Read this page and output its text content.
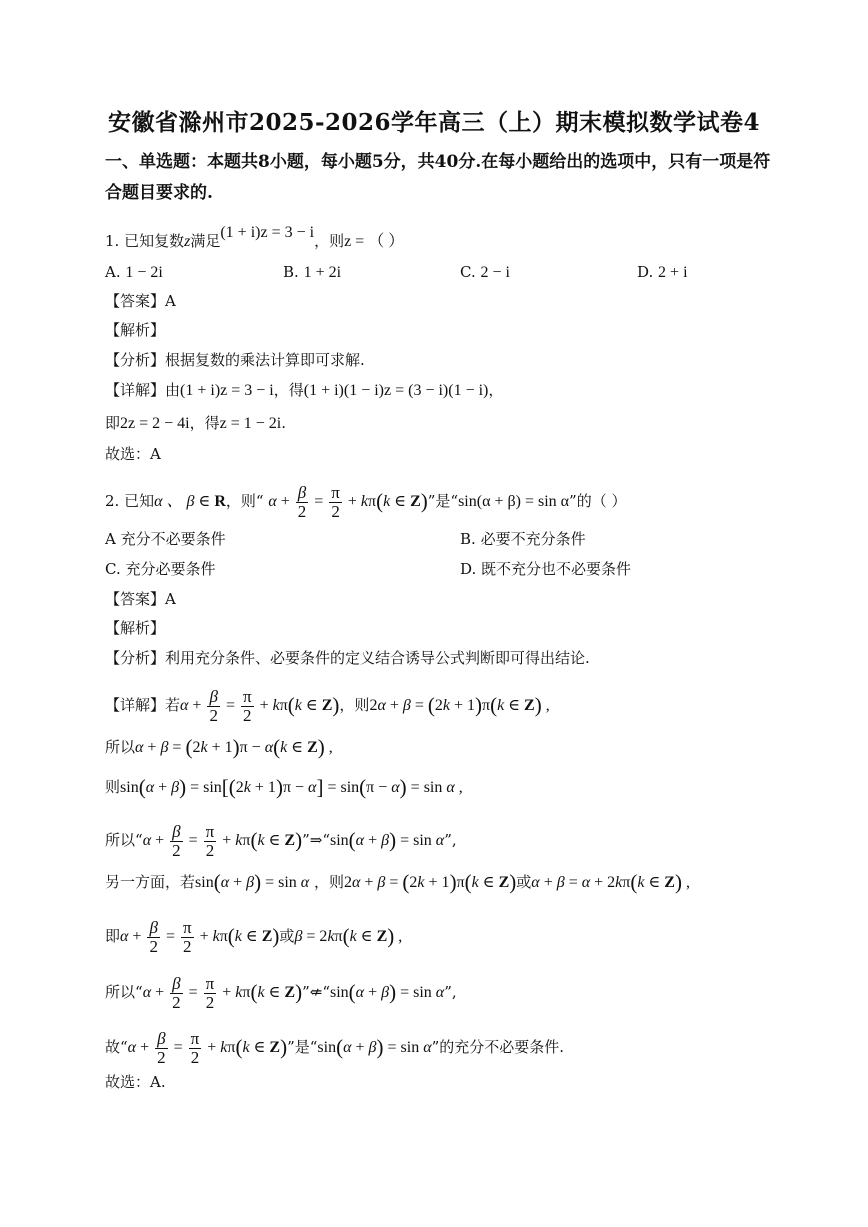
安徽省滁州市2025-2026学年高三（上）期末模拟数学试卷4
一、单选题：本题共8小题，每小题5分，共40分.在每小题给出的选项中，只有一项是符合题目要求的.
1. 已知复数z满足(1 + i)z = 3 − i，则z = （ ）
A. 1 − 2i	B. 1 + 2i	C. 2 − i	D. 2 + i
【答案】A
【解析】
【分析】根据复数的乘法计算即可求解.
【详解】由(1 + i)z = 3 − i，得(1 + i)(1 − i)z = (3 − i)(1 − i)，
即2z = 2 − 4i，得z = 1 − 2i.
故选：A
2. 已知α 、 β ∈ R，则“ $\alpha + \frac{\beta}{2} = \frac{\pi}{2} + k\pi(k$ ∈ Z)”是“sin(α + β) = sin α”的（ ）
A 充分不必要条件	B. 必要不充分条件
C. 充分必要条件	D. 既不充分也不必要条件
【答案】A
【解析】
【分析】利用充分条件、必要条件的定义结合诱导公式判断即可得出结论.
【详解】若$\alpha + \frac{\beta}{2} = \frac{\pi}{2} + k\pi(k$ ∈ Z)，则2α + β = (2k + 1)π(k ∈ Z) ,
所以α + β = (2k + 1)π − α(k ∈ Z) ,
则sin(α + β) = sin[(2k + 1)π − α] = sin(π − α) = sin α ,
所以“$\alpha + \frac{\beta}{2} = \frac{\pi}{2} + k\pi(k$ ∈ Z)”⇒“sin(α + β) = sin α”,
另一方面，若sin(α + β) = sin α ，则2α + β = (2k + 1)π(k ∈ Z)或α + β = α + 2kπ(k ∈ Z) ,
即$\alpha + \frac{\beta}{2} = \frac{\pi}{2} + k\pi(k$ ∈ Z)或β = 2kπ(k ∈ Z) ,
所以“$\alpha + \frac{\beta}{2} = \frac{\pi}{2} + k\pi(k$ ∈ Z)”⇍“sin(α + β) = sin α”,
故“$\alpha + \frac{\beta}{2} = \frac{\pi}{2} + k\pi(k$ ∈ Z)”是“sin(α + β) = sin α”的充分不必要条件.
故选：A.
